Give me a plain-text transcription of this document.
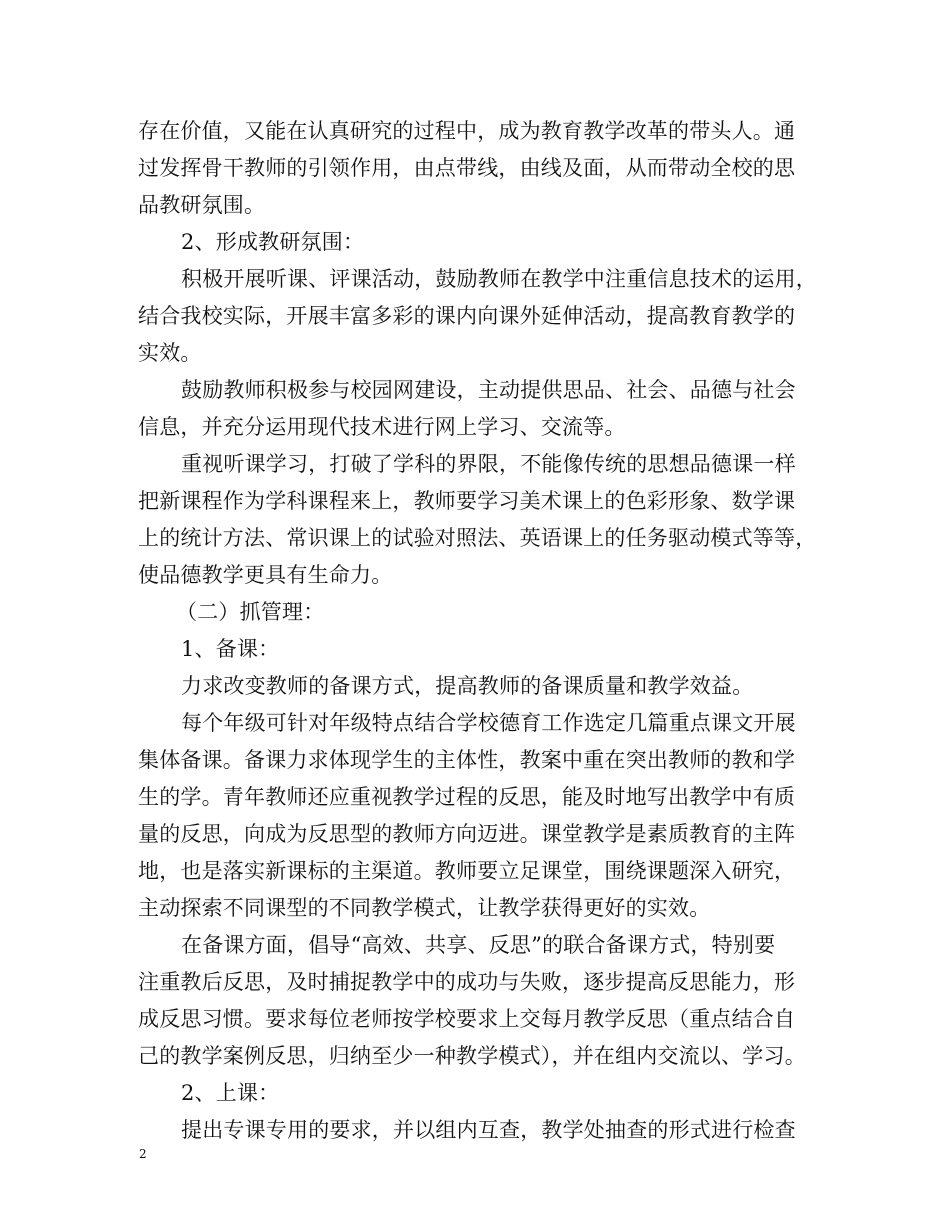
存在价值，又能在认真研究的过程中，成为教育教学改革的带头人。通
过发挥骨干教师的引领作用，由点带线，由线及面，从而带动全校的思
品教研氛围。
2、形成教研氛围：
积极开展听课、评课活动，鼓励教师在教学中注重信息技术的运用，
结合我校实际，开展丰富多彩的课内向课外延伸活动，提高教育教学的
实效。
鼓励教师积极参与校园网建设，主动提供思品、社会、品德与社会
信息，并充分运用现代技术进行网上学习、交流等。
重视听课学习，打破了学科的界限，不能像传统的思想品德课一样
把新课程作为学科课程来上，教师要学习美术课上的色彩形象、数学课
上的统计方法、常识课上的试验对照法、英语课上的任务驱动模式等等，
使品德教学更具有生命力。
（二）抓管理：
1、备课：
力求改变教师的备课方式，提高教师的备课质量和教学效益。
每个年级可针对年级特点结合学校德育工作选定几篇重点课文开展
集体备课。备课力求体现学生的主体性，教案中重在突出教师的教和学
生的学。青年教师还应重视教学过程的反思，能及时地写出教学中有质
量的反思，向成为反思型的教师方向迈进。课堂教学是素质教育的主阵
地，也是落实新课标的主渠道。教师要立足课堂，围绕课题深入研究，
主动探索不同课型的不同教学模式，让教学获得更好的实效。
在备课方面，倡导“高效、共享、反思”的联合备课方式，特别要
注重教后反思，及时捕捉教学中的成功与失败，逐步提高反思能力，形
成反思习惯。要求每位老师按学校要求上交每月教学反思（重点结合自
己的教学案例反思，归纳至少一种教学模式），并在组内交流以、学习。
2、上课：
提出专课专用的要求，并以组内互查，教学处抽查的形式进行检查
2
